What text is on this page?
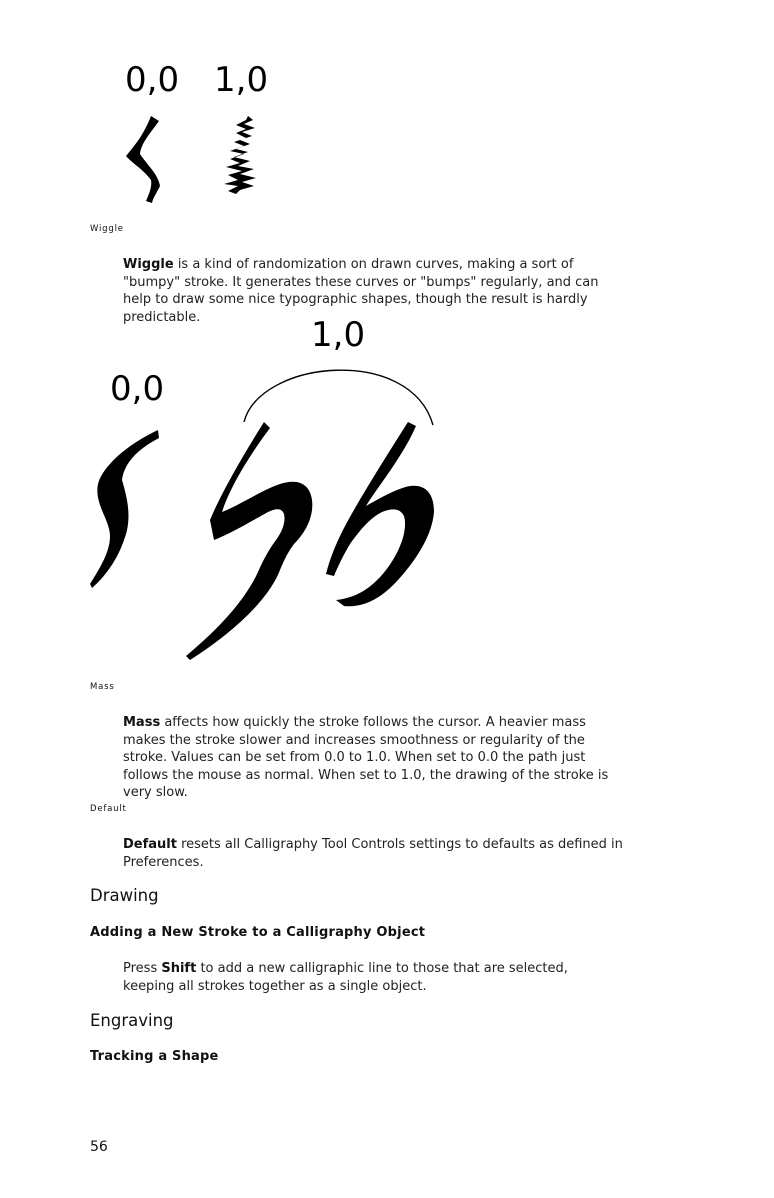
0,0 1,0
Wiggle

Wiggle is a kind of randomization on drawn curves, making a sort of "bumpy" stroke. It generates these curves or "bumps" regularly, and can help to draw some nice typographic shapes, though the result is hardly predictable.	1,0
0,0
Mass

Mass affects how quickly the stroke follows the cursor. A heavier mass makes the stroke slower and increases smoothness or regularity of the stroke. Values can be set from 0.0 to 1.0. When set to 0.0 the path just follows the mouse as normal. When set to 1.0, the drawing of the stroke is very slow.

Default

Default resets all Calligraphy Tool Controls settings to defaults as defined in Preferences.

Drawing
Adding a New Stroke to a Calligraphy Object

Press Shift to add a new calligraphic line to those that are selected, keeping all strokes together as a single object.

Engraving
Tracking a Shape
56
